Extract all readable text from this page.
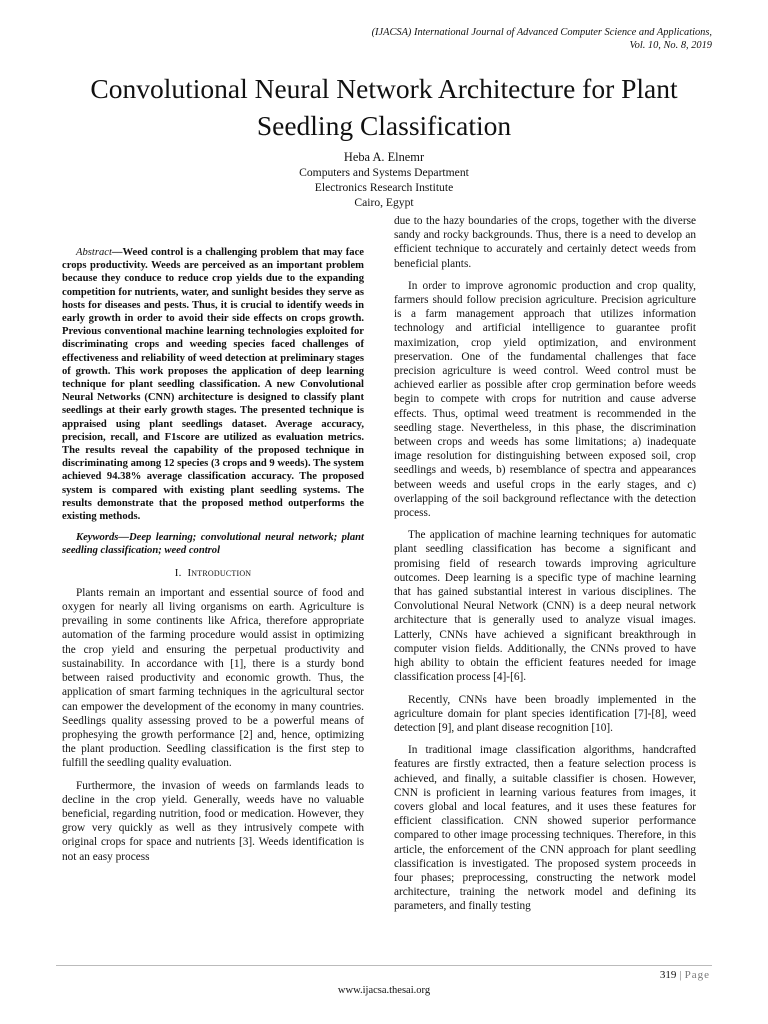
(IJACSA) International Journal of Advanced Computer Science and Applications,
Vol. 10, No. 8, 2019
Convolutional Neural Network Architecture for Plant
Seedling Classification
Heba A. Elnemr
Computers and Systems Department
Electronics Research Institute
Cairo, Egypt

Abstract—Weed control is a challenging problem that may face crops productivity. Weeds are perceived as an important problem because they conduce to reduce crop yields due to the expanding competition for nutrients, water, and sunlight besides they serve as hosts for diseases and pests. Thus, it is crucial to identify weeds in early growth in order to avoid their side effects on crops growth. Previous conventional machine learning technologies exploited for discriminating crops and weeding species faced challenges of effectiveness and reliability of weed detection at preliminary stages of growth. This work proposes the application of deep learning technique for plant seedling classification. A new Convolutional Neural Networks (CNN) architecture is designed to classify plant seedlings at their early growth stages. The presented technique is appraised using plant seedlings dataset. Average accuracy, precision, recall, and F1score are utilized as evaluation metrics. The results reveal the capability of the proposed technique in discriminating among 12 species (3 crops and 9 weeds). The system achieved 94.38% average classification accuracy. The proposed system is compared with existing plant seedling systems. The results demonstrate that the proposed method outperforms the existing methods.

Keywords—Deep learning; convolutional neural network; plant seedling classification; weed control

I. Introduction

Plants remain an important and essential source of food and oxygen for nearly all living organisms on earth. Agriculture is prevailing in some continents like Africa, therefore appropriate automation of the farming procedure would assist in optimizing the crop yield and ensuring the perpetual productivity and sustainability. In accordance with [1], there is a sturdy bond between raised productivity and economic growth. Thus, the application of smart farming techniques in the agricultural sector can empower the development of the economy in many countries. Seedlings quality assessing proved to be a powerful means of prophesying the growth performance [2] and, hence, optimizing the plant production. Seedling classification is the first step to fulfill the seedling quality evaluation.

Furthermore, the invasion of weeds on farmlands leads to decline in the crop yield. Generally, weeds have no valuable beneficial, regarding nutrition, food or medication. However, they grow very quickly as well as they intrusively compete with original crops for space and nutrients [3]. Weeds identification is not an easy process

due to the hazy boundaries of the crops, together with the diverse sandy and rocky backgrounds. Thus, there is a need to develop an efficient technique to accurately and certainly detect weeds from beneficial plants.

In order to improve agronomic production and crop quality, farmers should follow precision agriculture. Precision agriculture is a farm management approach that utilizes information technology and artificial intelligence to guarantee profit maximization, crop yield optimization, and environment preservation. One of the fundamental challenges that face precision agriculture is weed control. Weed control must be achieved earlier as possible after crop germination before weeds begin to compete with crops for nutrition and cause adverse effects. Thus, optimal weed treatment is recommended in the seedling stage. Nevertheless, in this phase, the discrimination between crops and weeds has some limitations; a) inadequate image resolution for distinguishing between exposed soil, crop seedlings and weeds, b) resemblance of spectra and appearances between weeds and useful crops in the early stages, and c) overlapping of the soil background reflectance with the detection process.

The application of machine learning techniques for automatic plant seedling classification has become a significant and promising field of research towards improving agriculture outcomes. Deep learning is a specific type of machine learning that has gained substantial interest in various disciplines. The Convolutional Neural Network (CNN) is a deep neural network architecture that is generally used to analyze visual images. Latterly, CNNs have achieved a significant breakthrough in computer vision fields. Additionally, the CNNs proved to have high ability to obtain the efficient features needed for image classification process [4]-[6].

Recently, CNNs have been broadly implemented in the agriculture domain for plant species identification [7]-[8], weed detection [9], and plant disease recognition [10].

In traditional image classification algorithms, handcrafted features are firstly extracted, then a feature selection process is achieved, and finally, a suitable classifier is chosen. However, CNN is proficient in learning various features from images, it covers global and local features, and it uses these features for efficient classification. CNN showed superior performance compared to other image processing techniques. Therefore, in this article, the enforcement of the CNN approach for plant seedling classification is investigated. The proposed system proceeds in four phases; preprocessing, constructing the network model architecture, training the network model and defining its parameters, and finally testing

319 | Page
www.ijacsa.thesai.org
